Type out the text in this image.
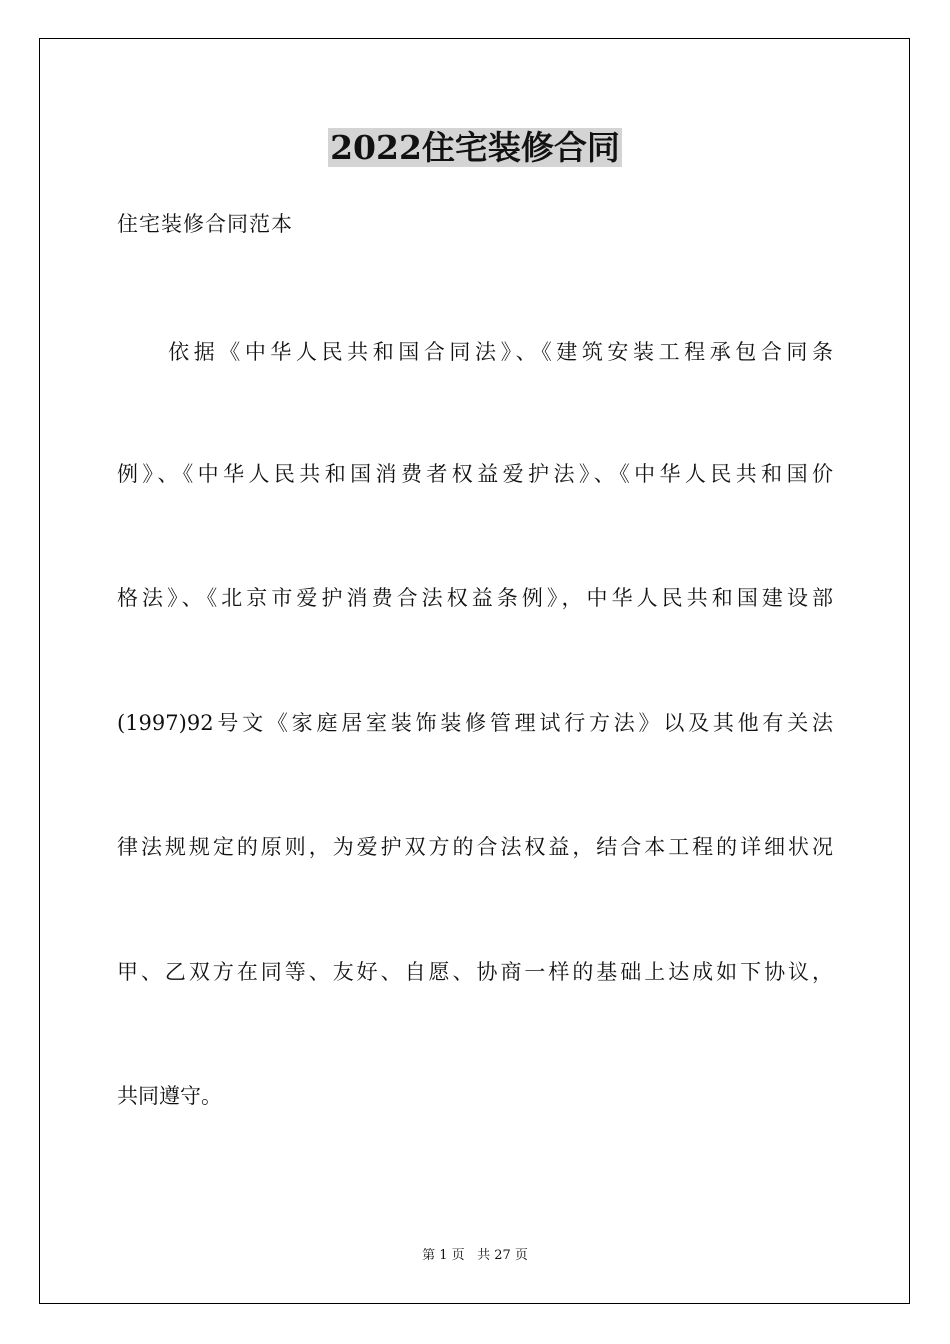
2022住宅装修合同
住宅装修合同范本
　　依据《中华人民共和国合同法》、《建筑安装工程承包合同条
例》、《中华人民共和国消费者权益爱护法》、《中华人民共和国价
格法》、《北京市爱护消费合法权益条例》，中华人民共和国建设部
(1997)92号文《家庭居室装饰装修管理试行方法》以及其他有关法
律法规规定的原则，为爱护双方的合法权益，结合本工程的详细状况
甲、乙双方在同等、友好、自愿、协商一样的基础上达成如下协议，
共同遵守。
第 1 页 共 27 页
